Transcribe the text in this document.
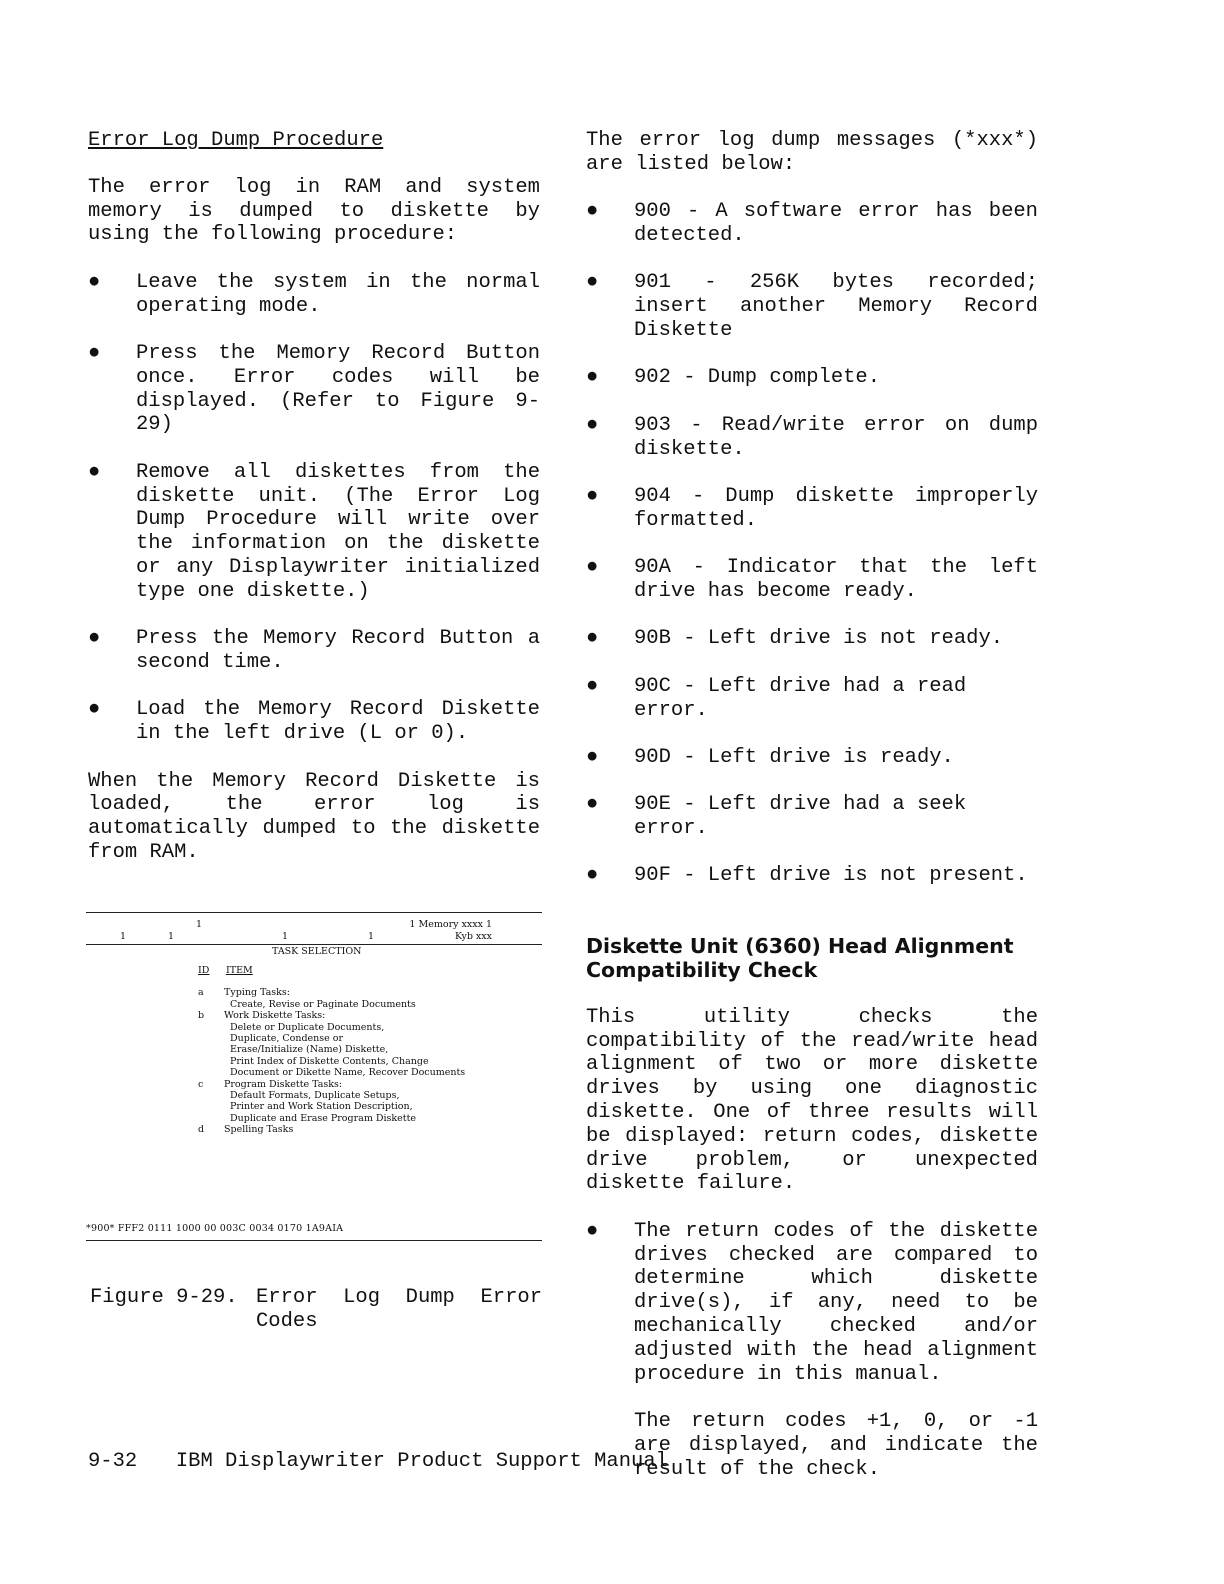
Error Log Dump Procedure

The error log in RAM and system memory is dumped to diskette by using the following procedure:

●	Leave the system in the normal operating mode.

●	Press the Memory Record Button once. Error codes will be displayed. (Refer to Figure 9-29)

●	Remove all diskettes from the diskette unit. (The Error Log Dump Procedure will write over the information on the diskette or any Displaywriter initialized type one diskette.)

●	Press the Memory Record Button a second time.

●	Load the Memory Record Diskette in the left drive (L or 0).

When the Memory Record Diskette is loaded, the error log is automatically dumped to the diskette from RAM.

1	1 Memory xxxx 1
1	1	1	1	Kyb xxx
TASK SELECTION
ID ITEM
a Typing Tasks:
Create, Revise or Paginate Documents
b Work Diskette Tasks:
Delete or Duplicate Documents,
Duplicate, Condense or
Erase/Initialize (Name) Diskette,
Print Index of Diskette Contents, Change
Document or Dikette Name, Recover Documents
c Program Diskette Tasks:
Default Formats, Duplicate Setups,
Printer and Work Station Description,
Duplicate and Erase Program Diskette
d Spelling Tasks
*900* FFF2 0111 1000 00 003C 0034 0170 1A9AIA
Figure 9-29. Error Log Dump Error Codes

The error log dump messages (*xxx*) are listed below:

●	900 - A software error has been detected.

●	901 - 256K bytes recorded; insert another Memory Record Diskette

●	902 - Dump complete.

●	903 - Read/write error on dump diskette.

●	904 - Dump diskette improperly formatted.

●	90A - Indicator that the left drive has become ready.

●	90B - Left drive is not ready.

●	90C - Left drive had a read error.

●	90D - Left drive is ready.

●	90E - Left drive had a seek error.

●	90F - Left drive is not present.

Diskette Unit (6360) Head Alignment Compatibility Check

This utility checks the compatibility of the read/write head alignment of two or more diskette drives by using one diagnostic diskette. One of three results will be displayed: return codes, diskette drive problem, or unexpected diskette failure.

●	The return codes of the diskette drives checked are compared to determine which diskette drive(s), if any, need to be mechanically checked and/or adjusted with the head alignment procedure in this manual.

The return codes +1, 0, or -1 are displayed, and indicate the result of the check.

9-32 IBM Displaywriter Product Support Manual
